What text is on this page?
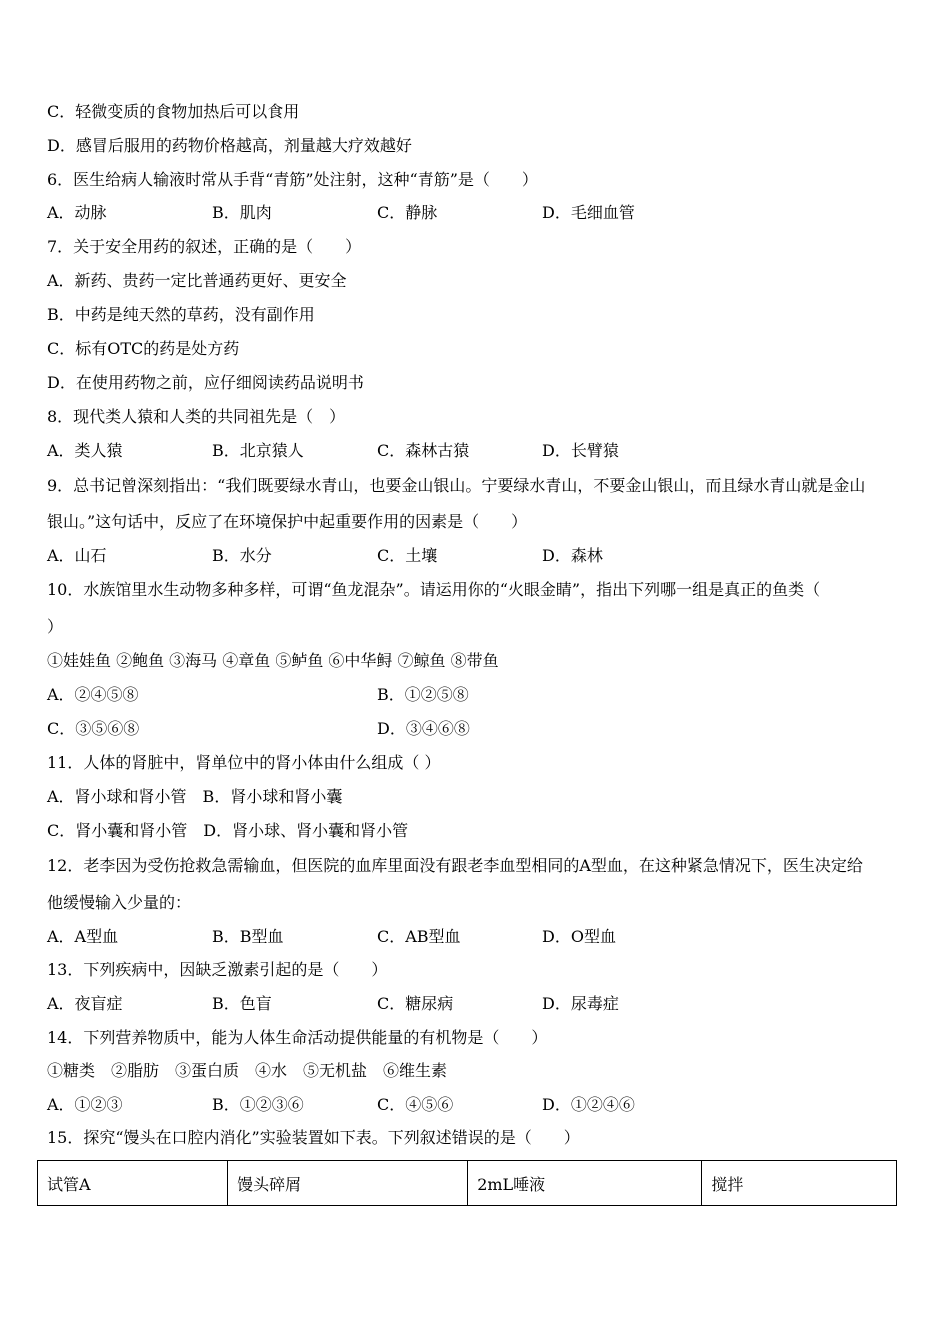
C．轻微变质的食物加热后可以食用
D．感冒后服用的药物价格越高，剂量越大疗效越好
6．医生给病人输液时常从手背“青筋”处注射，这种“青筋”是（　　）
A．动脉	B．肌肉	C．静脉	D．毛细血管
7．关于安全用药的叙述，正确的是（　　）
A．新药、贵药一定比普通药更好、更安全
B．中药是纯天然的草药，没有副作用
C．标有OTC的药是处方药
D．在使用药物之前，应仔细阅读药品说明书
8．现代类人猿和人类的共同祖先是（　）
A．类人猿	B．北京猿人	C．森林古猿	D．长臂猿
9．总书记曾深刻指出：“我们既要绿水青山，也要金山银山。宁要绿水青山，不要金山银山，而且绿水青山就是金山
银山。”这句话中，反应了在环境保护中起重要作用的因素是（　　）
A．山石	B．水分	C．土壤	D．森林
10．水族馆里水生动物多种多样，可谓“鱼龙混杂”。请运用你的“火眼金睛”，指出下列哪一组是真正的鱼类（
）
①娃娃鱼 ②鲍鱼 ③海马 ④章鱼 ⑤鲈鱼 ⑥中华鲟 ⑦鲸鱼 ⑧带鱼
A．②④⑤⑧	B．①②⑤⑧
C．③⑤⑥⑧	D．③④⑥⑧
11．人体的肾脏中，肾单位中的肾小体由什么组成（ ）
A．肾小球和肾小管　B．肾小球和肾小囊
C．肾小囊和肾小管　D．肾小球、肾小囊和肾小管
12．老李因为受伤抢救急需输血，但医院的血库里面没有跟老李血型相同的A型血，在这种紧急情况下，医生决定给
他缓慢输入少量的：
A．A型血	B．B型血	C．AB型血	D．O型血
13．下列疾病中，因缺乏激素引起的是（　　）
A．夜盲症	B．色盲	C．糖尿病	D．尿毒症
14．下列营养物质中，能为人体生命活动提供能量的有机物是（　　）
①糖类　②脂肪　③蛋白质　④水　⑤无机盐　⑥维生素
A．①②③	B．①②③⑥	C．④⑤⑥	D．①②④⑥
15．探究“馒头在口腔内消化”实验装置如下表。下列叙述错误的是（　　）
试管A	馒头碎屑	2mL唾液	搅拌
